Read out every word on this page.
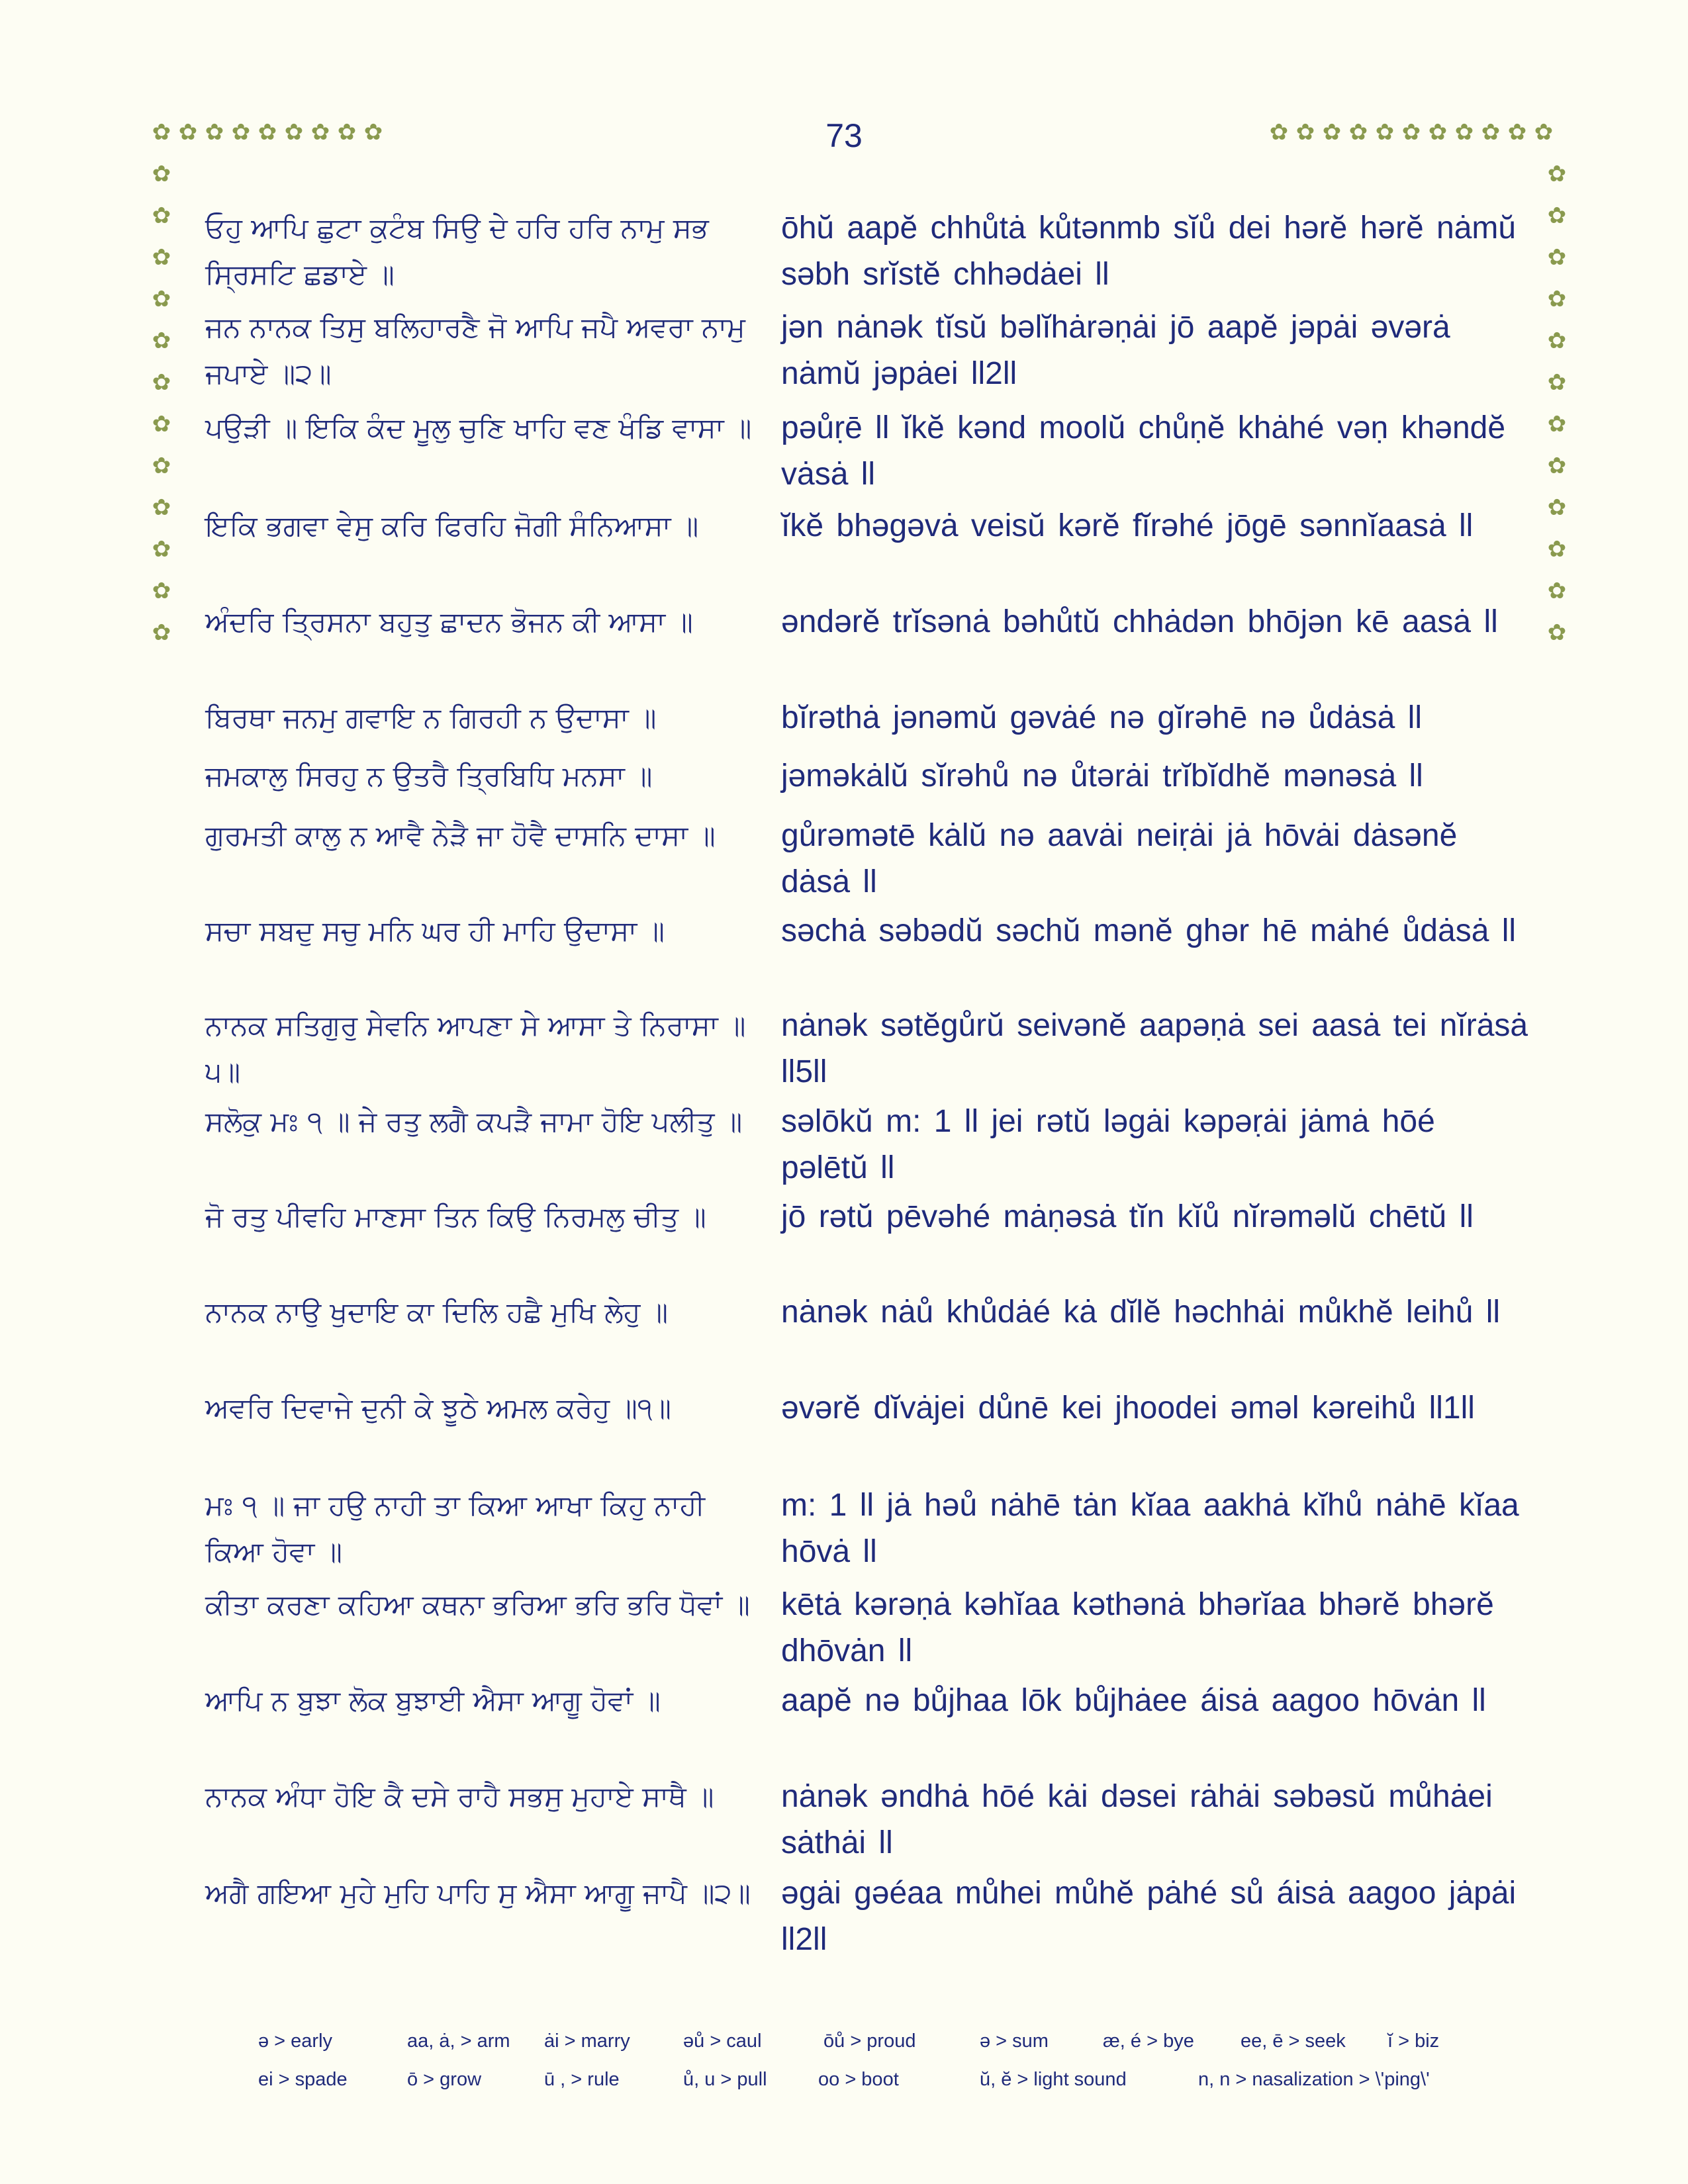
73
✿ ✿ ✿ ✿ ✿ ✿ ✿ ✿ ✿
✿
✿
✿
✿
✿
✿
✿
✿
✿
✿
✿
✿
✿ ✿ ✿ ✿ ✿ ✿ ✿ ✿ ✿ ✿ ✿
✿
✿
✿
✿
✿
✿
✿
✿
✿
✿
✿
✿
ਓਹੁ ਆਪਿ ਛੁਟਾ ਕੁਟੰਬ ਸਿਉ ਦੇ ਹਰਿ ਹਰਿ ਨਾਮੁ ਸਭ ਸ੍ਰਿਸਟਿ ਛਡਾਏ ॥
ōhŭ aapĕ chhůtȧ kůtənmb sĭů dei hərĕ hərĕ nȧmŭ səbh srĭstĕ chhədȧei ll
ਜਨ ਨਾਨਕ ਤਿਸੁ ਬਲਿਹਾਰਣੈ ਜੋ ਆਪਿ ਜਪੈ ਅਵਰਾ ਨਾਮੁ ਜਪਾਏ ॥੨॥
jən nȧnək tĭsŭ bəlĭhȧrəṇȧi jō aapĕ jəpȧi əvərȧ nȧmŭ jəpȧei ll2ll
ਪਉੜੀ ॥ ਇਕਿ ਕੰਦ ਮੂਲੁ ਚੁਣਿ ਖਾਹਿ ਵਣ ਖੰਡਿ ਵਾਸਾ ॥ pəůṛē ll ĭkĕ kənd moolŭ chůṇĕ khȧhé vəṇ khəndĕ vȧsȧ ll
ਇਕਿ ਭਗਵਾ ਵੇਸੁ ਕਰਿ ਫਿਰਹਿ ਜੋਗੀ ਸੰਨਿਆਸਾ ॥	ĭkĕ bhəgəvȧ veisŭ kərĕ fĭrəhé jōgē sənnĭaasȧ ll
ਅੰਦਰਿ ਤ੍ਰਿਸਨਾ ਬਹੁਤੁ ਛਾਦਨ ਭੋਜਨ ਕੀ ਆਸਾ ॥	əndərĕ trĭsənȧ bəhůtŭ chhȧdən bhōjən kē aasȧ ll
ਬਿਰਥਾ ਜਨਮੁ ਗਵਾਇ ਨ ਗਿਰਹੀ ਨ ਉਦਾਸਾ ॥	bĭrəthȧ jənəmŭ gəvȧé nə gĭrəhē nə ůdȧsȧ ll
ਜਮਕਾਲੁ ਸਿਰਹੁ ਨ ਉਤਰੈ ਤ੍ਰਿਬਿਧਿ ਮਨਸਾ ॥	jəməkȧlŭ sĭrəhů nə ůtərȧi trĭbĭdhĕ mənəsȧ ll
ਗੁਰਮਤੀ ਕਾਲੁ ਨ ਆਵੈ ਨੇੜੈ ਜਾ ਹੋਵੈ ਦਾਸਨਿ ਦਾਸਾ ॥	gůrəmətē kȧlŭ nə aavȧi neiṛȧi jȧ hōvȧi dȧsənĕ dȧsȧ ll
ਸਚਾ ਸਬਦੁ ਸਚੁ ਮਨਿ ਘਰ ਹੀ ਮਾਹਿ ਉਦਾਸਾ ॥	səchȧ səbədŭ səchŭ mənĕ ghər hē mȧhé ůdȧsȧ ll
ਨਾਨਕ ਸਤਿਗੁਰੁ ਸੇਵਨਿ ਆਪਣਾ ਸੇ ਆਸਾ ਤੇ ਨਿਰਾਸਾ ॥੫॥
nȧnək sətĕgůrŭ seivənĕ aapəṇȧ sei aasȧ tei nĭrȧsȧ ll5ll
ਸਲੋਕੁ ਮਃ ੧ ॥ ਜੇ ਰਤੁ ਲਗੈ ਕਪੜੈ ਜਾਮਾ ਹੋਇ ਪਲੀਤੁ ॥	səlōkŭ m: 1 ll jei rətŭ ləgȧi kəpəṛȧi jȧmȧ hōé pəlētŭ ll
ਜੋ ਰਤੁ ਪੀਵਹਿ ਮਾਣਸਾ ਤਿਨ ਕਿਉ ਨਿਰਮਲੁ ਚੀਤੁ ॥	jō rətŭ pēvəhé mȧṇəsȧ tĭn kĭů nĭrəməlŭ chētŭ ll
ਨਾਨਕ ਨਾਉ ਖੁਦਾਇ ਕਾ ਦਿਲਿ ਹਛੈ ਮੁਖਿ ਲੇਹੁ ॥	nȧnək nȧů khůdȧé kȧ dĭlĕ həchhȧi můkhĕ leihů ll
ਅਵਰਿ ਦਿਵਾਜੇ ਦੁਨੀ ਕੇ ਝੂਠੇ ਅਮਲ ਕਰੇਹੁ ॥੧॥	əvərĕ dĭvȧjei důnē kei jhoodei əməl kəreihů ll1ll
ਮਃ ੧ ॥ ਜਾ ਹਉ ਨਾਹੀ ਤਾ ਕਿਆ ਆਖਾ ਕਿਹੁ ਨਾਹੀ ਕਿਆ ਹੋਵਾ ॥
m: 1 ll jȧ həů nȧhē tȧn kĭaa aakhȧ kĭhů nȧhē kĭaa hōvȧ ll
ਕੀਤਾ ਕਰਣਾ ਕਹਿਆ ਕਥਨਾ ਭਰਿਆ ਭਰਿ ਭਰਿ ਧੋਵਾਂ ॥ kētȧ kərəṇȧ kəhĭaa kəthənȧ bhərĭaa bhərĕ bhərĕ dhōvȧn ll
ਆਪਿ ਨ ਬੁਝਾ ਲੋਕ ਬੁਝਾਈ ਐਸਾ ਆਗੂ ਹੋਵਾਂ ॥	aapĕ nə bůjhaa lōk bůjhȧee áisȧ aagoo hōvȧn ll
ਨਾਨਕ ਅੰਧਾ ਹੋਇ ਕੈ ਦਸੇ ਰਾਹੈ ਸਭਸੁ ਮੁਹਾਏ ਸਾਥੈ ॥	nȧnək əndhȧ hōé kȧi dəsei rȧhȧi səbəsŭ můhȧei sȧthȧi ll
ਅਗੈ ਗਇਆ ਮੁਹੇ ਮੁਹਿ ਪਾਹਿ ਸੁ ਐਸਾ ਆਗੂ ਜਾਪੈ ॥੨॥ əgȧi gəéaa můhei můhĕ pȧhé sů áisȧ aagoo jȧpȧi ll2ll
ə > early	aa, ȧ, > arm ȧi > marry	əů > caul	ōů > proud	ə > sum	æ, é > bye ee, ē > seek ĭ > biz
ei > spade	ō > grow	ū , > rule	ů, u > pull	oo > boot	ŭ, ĕ > light sound	n, n > nasalization > \'ping\'
